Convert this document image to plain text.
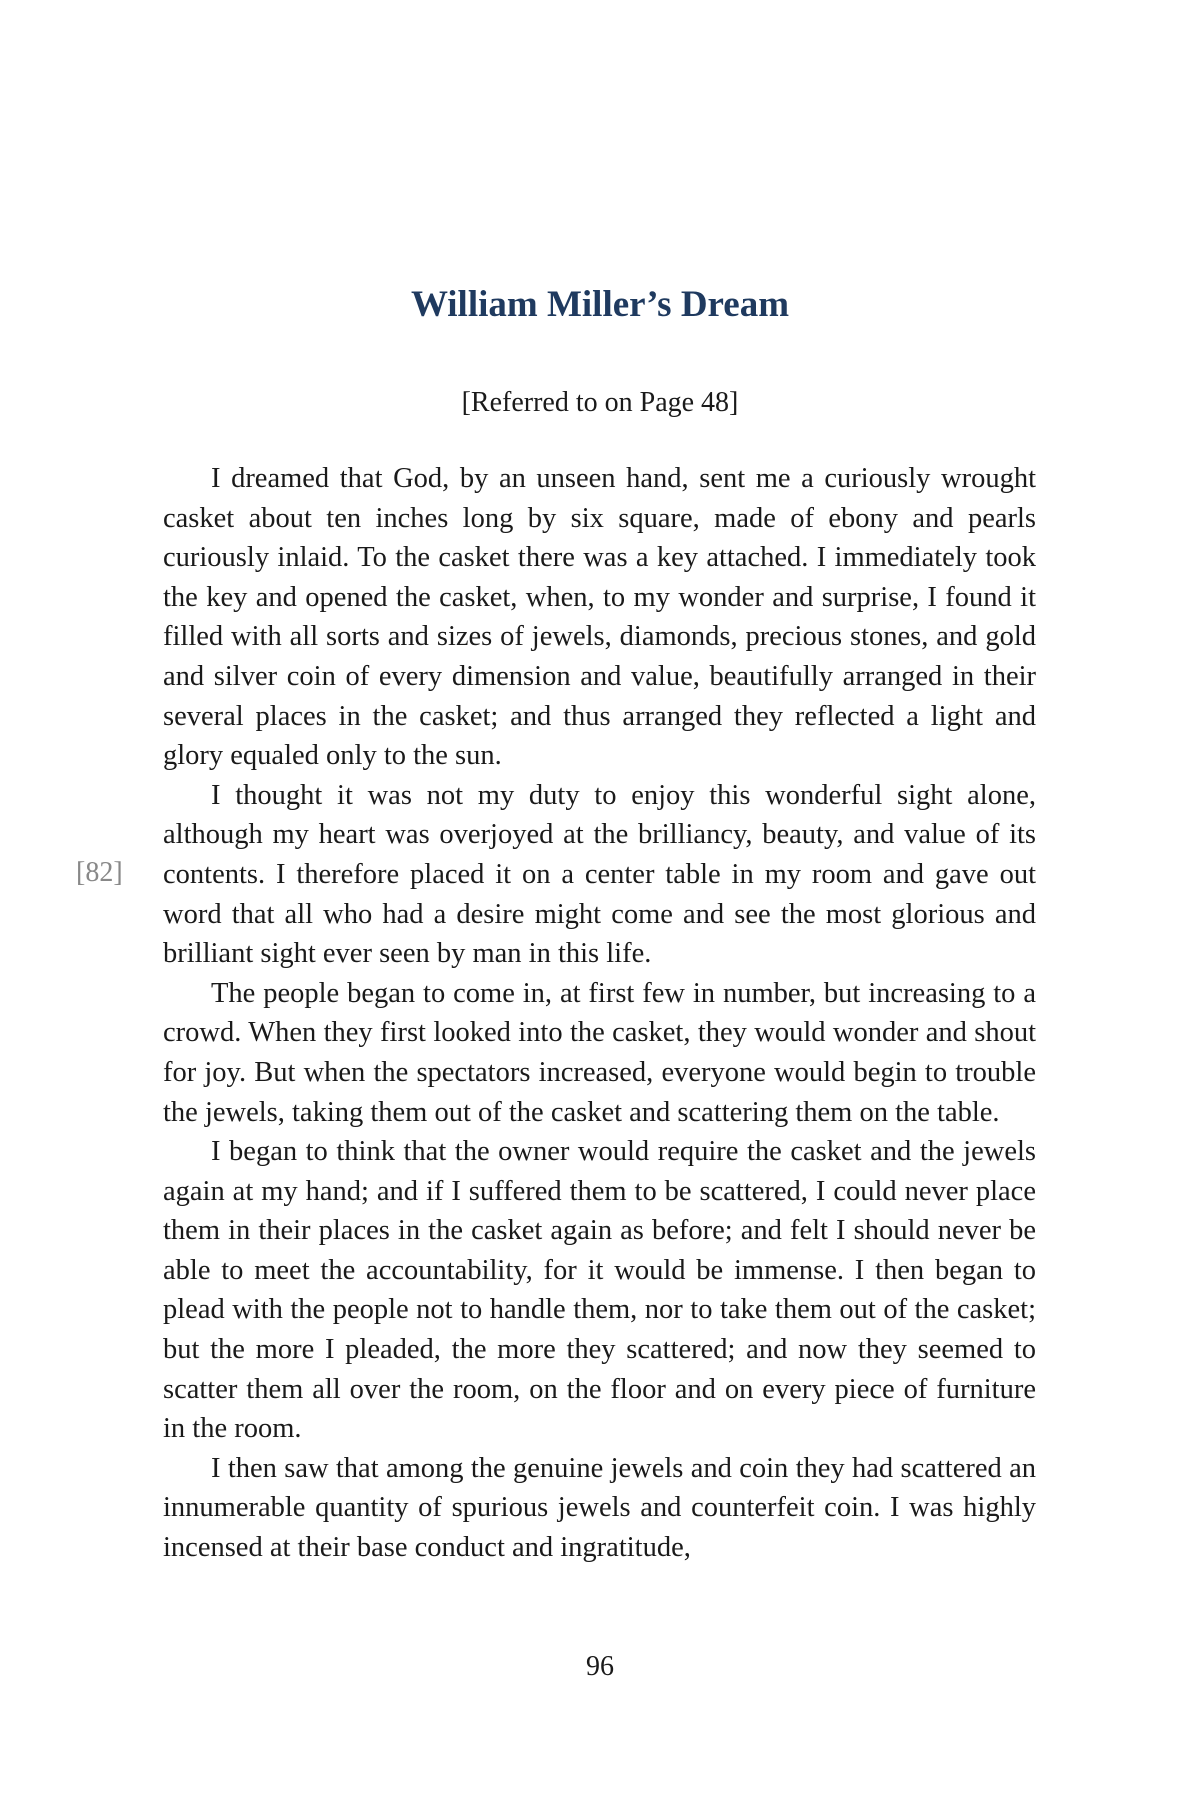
William Miller’s Dream
[Referred to on Page 48]
[82]

I dreamed that God, by an unseen hand, sent me a curiously wrought casket about ten inches long by six square, made of ebony and pearls curiously inlaid. To the casket there was a key attached. I immediately took the key and opened the casket, when, to my wonder and surprise, I found it filled with all sorts and sizes of jewels, diamonds, precious stones, and gold and silver coin of every dimension and value, beautifully arranged in their several places in the casket; and thus arranged they reflected a light and glory equaled only to the sun.

I thought it was not my duty to enjoy this wonderful sight alone, although my heart was overjoyed at the brilliancy, beauty, and value of its contents. I therefore placed it on a center table in my room and gave out word that all who had a desire might come and see the most glorious and brilliant sight ever seen by man in this life.

The people began to come in, at first few in number, but increasing to a crowd. When they first looked into the casket, they would wonder and shout for joy. But when the spectators increased, everyone would begin to trouble the jewels, taking them out of the casket and scattering them on the table.

I began to think that the owner would require the casket and the jewels again at my hand; and if I suffered them to be scattered, I could never place them in their places in the casket again as before; and felt I should never be able to meet the accountability, for it would be immense. I then began to plead with the people not to handle them, nor to take them out of the casket; but the more I pleaded, the more they scattered; and now they seemed to scatter them all over the room, on the floor and on every piece of furniture in the room.

I then saw that among the genuine jewels and coin they had scattered an innumerable quantity of spurious jewels and counterfeit coin. I was highly incensed at their base conduct and ingratitude,

96
